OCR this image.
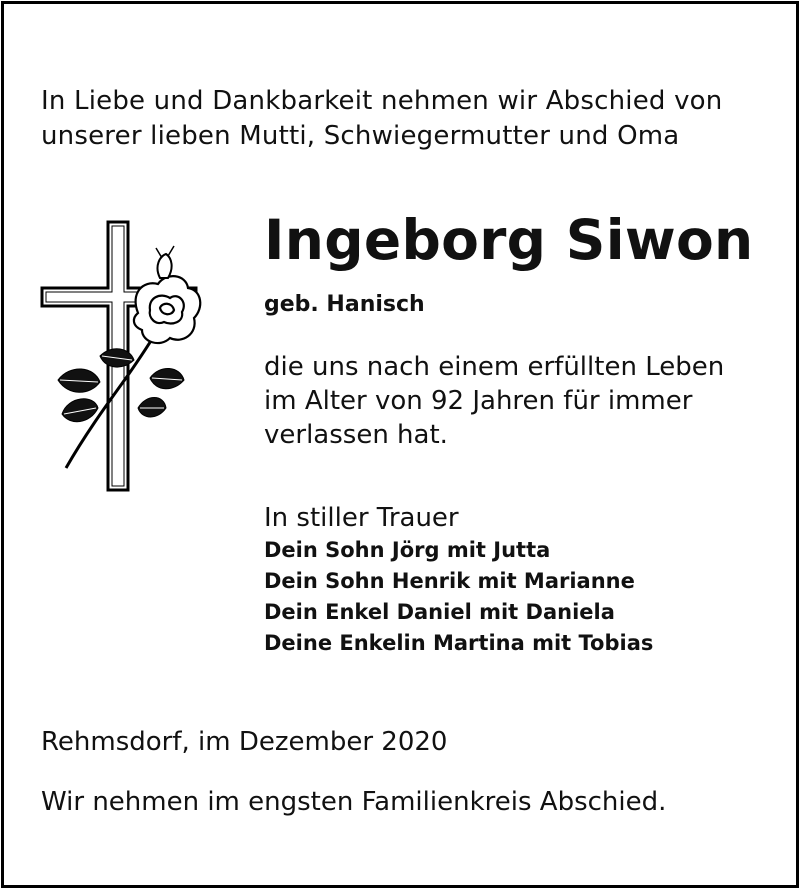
In Liebe und Dankbarkeit nehmen wir Abschied von
unserer lieben Mutti, Schwiegermutter und Oma
Ingeborg Siwon
geb. Hanisch
die uns nach einem erfüllten Leben
im Alter von 92 Jahren für immer
verlassen hat.
In stiller Trauer
Dein Sohn Jörg mit Jutta
Dein Sohn Henrik mit Marianne
Dein Enkel Daniel mit Daniela
Deine Enkelin Martina mit Tobias
Rehmsdorf, im Dezember 2020
Wir nehmen im engsten Familienkreis Abschied.
